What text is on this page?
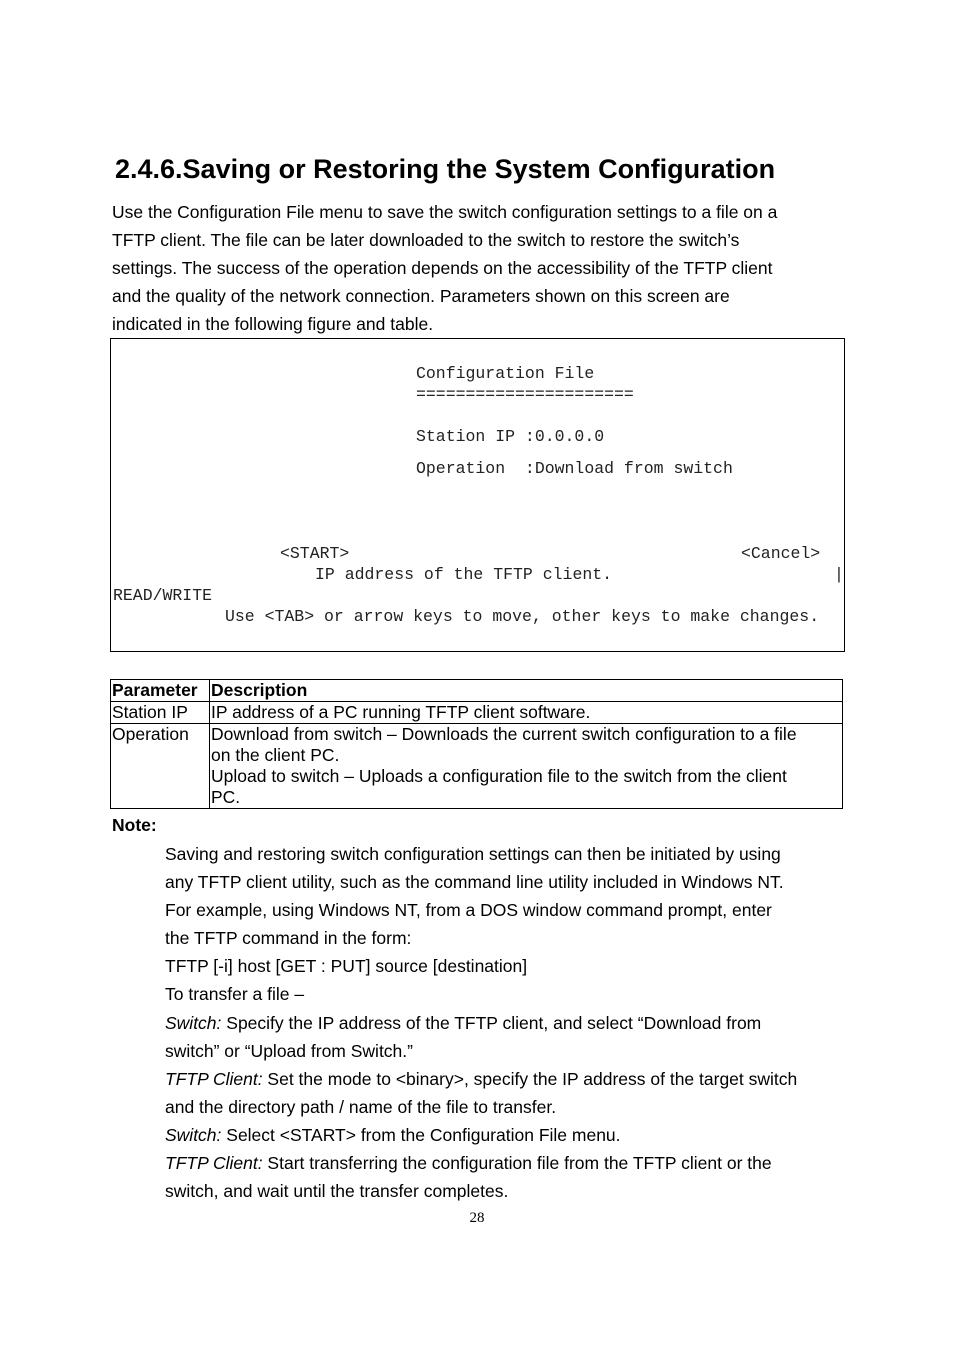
2.4.6.Saving or Restoring the System Configuration
Use the Configuration File menu to save the switch configuration settings to a file on a
TFTP client. The file can be later downloaded to the switch to restore the switch’s
settings. The success of the operation depends on the accessibility of the TFTP client
and the quality of the network connection. Parameters shown on this screen are
indicated in the following figure and table.
Configuration File
======================
Station IP :0.0.0.0
Operation  :Download from switch
<START>	<Cancel>
IP address of the TFTP client.	|
READ/WRITE
Use <TAB> or arrow keys to move, other keys to make changes.
Parameter	Description
Station IP	IP address of a PC running TFTP client software.

Operation	Download from switch – Downloads the current switch configuration to a file
on the client PC.
Upload to switch – Uploads a configuration file to the switch from the client
PC.
Note:
Saving and restoring switch configuration settings can then be initiated by using
any TFTP client utility, such as the command line utility included in Windows NT.
For example, using Windows NT, from a DOS window command prompt, enter
the TFTP command in the form:
TFTP [-i] host [GET : PUT] source [destination]
To transfer a file –
Switch: Specify the IP address of the TFTP client, and select “Download from
switch” or “Upload from Switch.”
TFTP Client: Set the mode to <binary>, specify the IP address of the target switch
and the directory path / name of the file to transfer.
Switch: Select <START> from the Configuration File menu.
TFTP Client: Start transferring the configuration file from the TFTP client or the
switch, and wait until the transfer completes.
28
